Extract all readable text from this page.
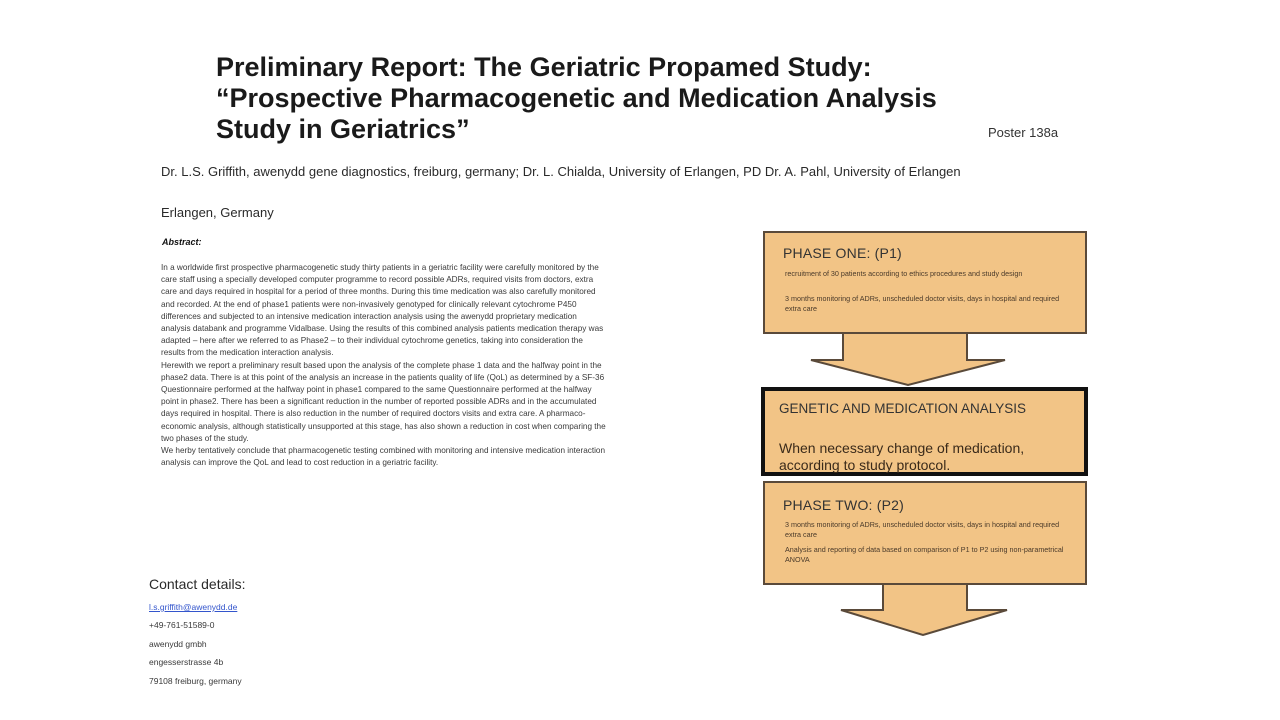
Preliminary Report: The Geriatric Propamed Study:
“Prospective Pharmacogenetic and Medication Analysis
Study in Geriatrics”	Poster 138a
Dr. L.S. Griffith, awenydd gene diagnostics, freiburg, germany; Dr. L. Chialda, University of Erlangen, PD Dr. A. Pahl, University of Erlangen
Erlangen, Germany
Abstract:

In a worldwide first prospective pharmacogenetic study thirty patients in a geriatric facility were carefully monitored by the care staff using a specially developed computer programme to record possible ADRs, required visits from doctors, extra care and days required in hospital for a period of three months. During this time medication was also carefully monitored and recorded. At the end of phase1 patients were non-invasively genotyped for clinically relevant cytochrome P450 differences and subjected to an intensive medication interaction analysis using the awenydd proprietary medication analysis databank and programme Vidalbase. Using the results of this combined analysis patients medication therapy was adapted – here after we referred to as Phase2 – to their individual cytochrome genetics, taking into consideration the results from the medication interaction analysis.

Herewith we report a preliminary result based upon the analysis of the complete phase 1 data and the halfway point in the phase2 data. There is at this point of the analysis an increase in the patients quality of life (QoL) as determined by a SF-36 Questionnaire performed at the halfway point in phase1 compared to the same Questionnaire performed at the halfway point in phase2. There has been a significant reduction in the number of reported possible ADRs and in the accumulated days required in hospital. There is also reduction in the number of required doctors visits and extra care. A pharmaco-economic analysis, although statistically unsupported at this stage, has also shown a reduction in cost when comparing the two phases of the study.

We herby tentatively conclude that pharmacogenetic testing combined with monitoring and intensive medication interaction analysis can improve the QoL and lead to cost reduction in a geriatric facility.

Contact details:
l.s.griffith@awenydd.de
+49-761-51589-0
awenydd gmbh
engesserstrasse 4b
79108 freiburg, germany
PHASE ONE: (P1)
recruitment of 30 patients according to ethics procedures and study design
3 months monitoring of ADRs, unscheduled doctor visits, days in hospital and required extra care
GENETIC AND MEDICATION ANALYSIS
When necessary change of medication, according to study protocol.
PHASE TWO: (P2)
3 months monitoring of ADRs, unscheduled doctor visits, days in hospital and required extra care
Analysis and reporting of data based on comparison of P1 to P2 using non-parametrical ANOVA
